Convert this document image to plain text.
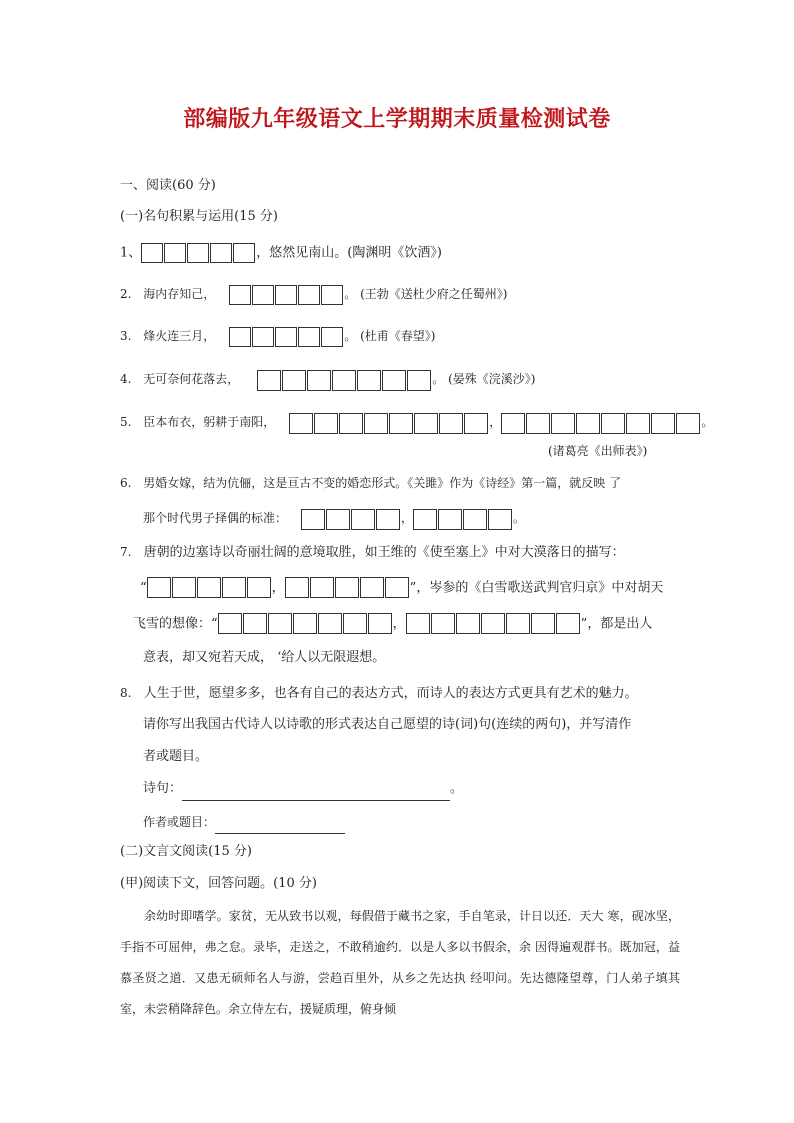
部编版九年级语文上学期期末质量检测试卷
一、阅读(60 分)
(一)名句积累与运用(15 分)
1、	，悠然见南山。(陶渊明《饮酒》)
2. 海内存知己，	。 (王勃《送杜少府之任蜀州》)
3. 烽火连三月，	。 (杜甫《春望》)
4. 无可奈何花落去，	。 (晏殊《浣溪沙》)
5. 臣本布衣，躬耕于南阳，	，	。
(诸葛亮《出师表》)
6. 男婚女嫁，结为伉俪，这是亘古不变的婚恋形式。《关雎》作为《诗经》第一篇，就反映 了
那个时代男子择偶的标准：	，	。
7. 唐朝的边塞诗以奇丽壮阔的意境取胜，如王维的《使至塞上》中对大漠落日的描写：
“	，	”，岑参的《白雪歌送武判官归京》中对胡天
飞雪的想像：“	，	”，都是出人
意表，却又宛若天成， ‘给人以无限遐想。
8. 人生于世，愿望多多，也各有自己的表达方式，而诗人的表达方式更具有艺术的魅力。
请你写出我国古代诗人以诗歌的形式表达自己愿望的诗(词)句(连续的两句)，并写清作
者或题目。
诗句：	。
作者或题目：
(二)文言文阅读(15 分)
(甲)阅读下文，回答问题。(10 分)
余幼时即嗜学。家贫，无从致书以观，每假借于藏书之家，手自笔录，计日以还．天大 寒，砚冰坚，手指不可屈伸，弗之怠。录毕，走送之，不敢稍逾约．以是人多以书假余，余 因得遍观群书。既加冠，益慕圣贤之道．又患无硕师名人与游，尝趋百里外，从乡之先达执 经叩问。先达德隆望尊，门人弟子填其室，未尝稍降辞色。余立侍左右，援疑质理，俯身倾
